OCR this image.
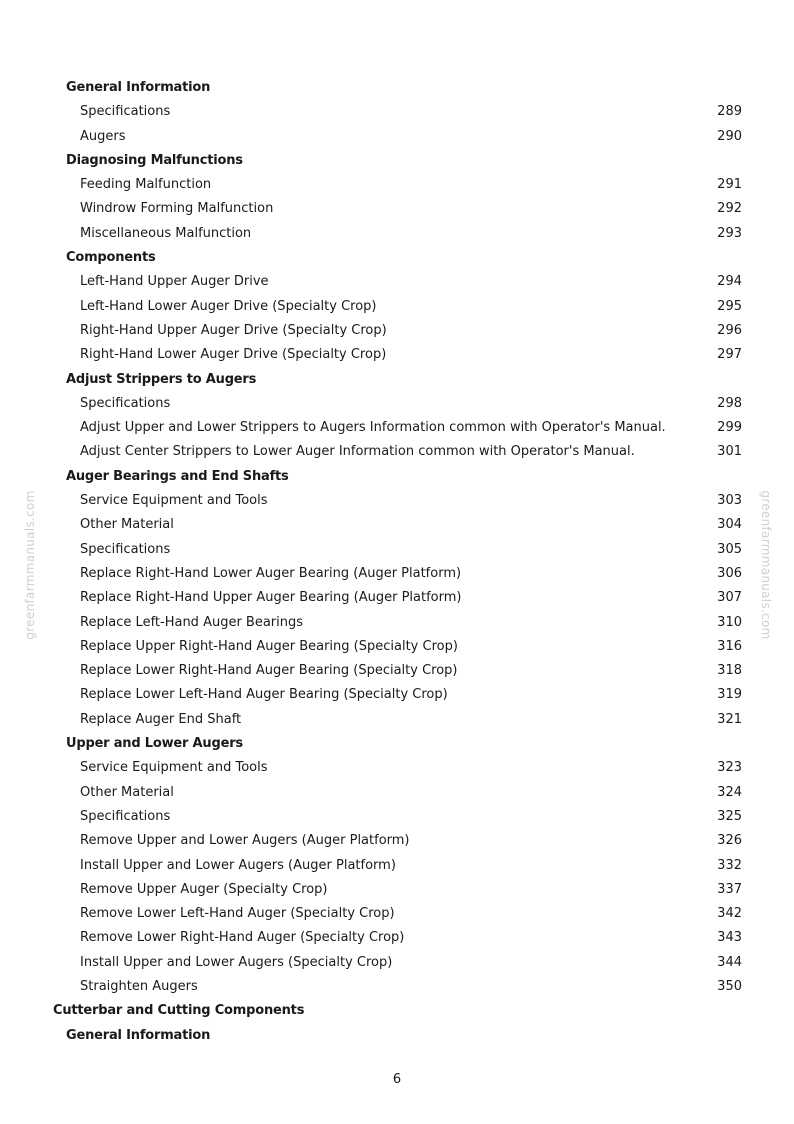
General Information
Specifications	289
Augers	290
Diagnosing Malfunctions
Feeding Malfunction	291
Windrow Forming Malfunction	292
Miscellaneous Malfunction	293
Components
Left-Hand Upper Auger Drive	294
Left-Hand Lower Auger Drive (Specialty Crop)	295
Right-Hand Upper Auger Drive (Specialty Crop)	296
Right-Hand Lower Auger Drive (Specialty Crop)	297
Adjust Strippers to Augers
Specifications	298
Adjust Upper and Lower Strippers to Augers Information common with Operator's Manual.	299
Adjust Center Strippers to Lower Auger Information common with Operator's Manual.	301
Auger Bearings and End Shafts
Service Equipment and Tools	303
Other Material	304
Specifications	305
Replace Right-Hand Lower Auger Bearing (Auger Platform)	306
Replace Right-Hand Upper Auger Bearing (Auger Platform)	307
Replace Left-Hand Auger Bearings	310
Replace Upper Right-Hand Auger Bearing (Specialty Crop)	316
Replace Lower Right-Hand Auger Bearing (Specialty Crop)	318
Replace Lower Left-Hand Auger Bearing (Specialty Crop)	319
Replace Auger End Shaft	321
Upper and Lower Augers
Service Equipment and Tools	323
Other Material	324
Specifications	325
Remove Upper and Lower Augers (Auger Platform)	326
Install Upper and Lower Augers (Auger Platform)	332
Remove Upper Auger (Specialty Crop)	337
Remove Lower Left-Hand Auger (Specialty Crop)	342
Remove Lower Right-Hand Auger (Specialty Crop)	343
Install Upper and Lower Augers (Specialty Crop)	344
Straighten Augers	350
Cutterbar and Cutting Components
General Information
greenfarmmanuals.com	greenfarmmanuals.com
6
